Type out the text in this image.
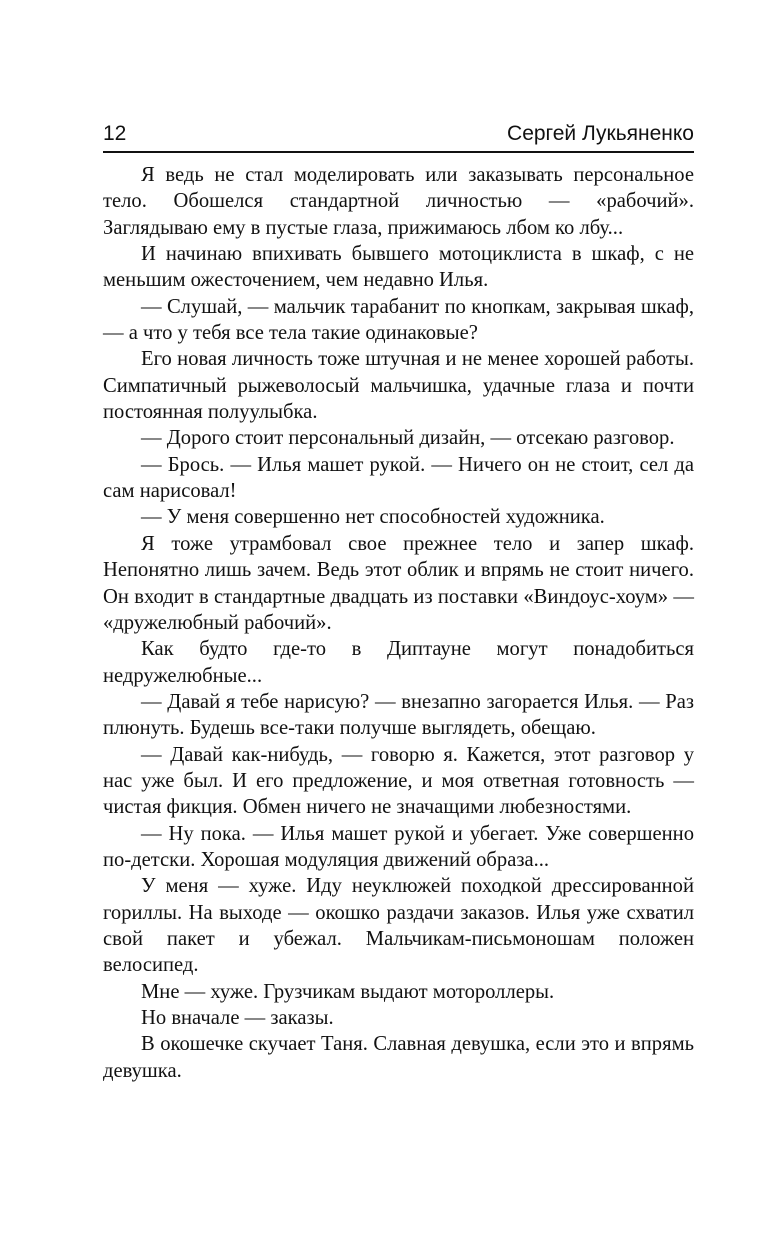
12	Сергей Лукьяненко

Я ведь не стал моделировать или заказывать персональное тело. Обошелся стандартной личностью — «рабочий». Заглядываю ему в пустые глаза, прижимаюсь лбом ко лбу...

И начинаю впихивать бывшего мотоциклиста в шкаф, с не меньшим ожесточением, чем недавно Илья.

— Слушай, — мальчик тарабанит по кнопкам, закрывая шкаф, — а что у тебя все тела такие одинаковые?

Его новая личность тоже штучная и не менее хорошей работы. Симпатичный рыжеволосый мальчишка, удачные глаза и почти постоянная полуулыбка.

— Дорого стоит персональный дизайн, — отсекаю разговор.

— Брось. — Илья машет рукой. — Ничего он не стоит, сел да сам нарисовал!

— У меня совершенно нет способностей художника.

Я тоже утрамбовал свое прежнее тело и запер шкаф. Непонятно лишь зачем. Ведь этот облик и впрямь не стоит ничего. Он входит в стандартные двадцать из поставки «Виндоус-хоум» — «дружелюбный рабочий».

Как будто где-то в Диптауне могут понадобиться недружелюбные...

— Давай я тебе нарисую? — внезапно загорается Илья. — Раз плюнуть. Будешь все-таки получше выглядеть, обещаю.

— Давай как-нибудь, — говорю я. Кажется, этот разговор у нас уже был. И его предложение, и моя ответная готовность — чистая фикция. Обмен ничего не значащими любезностями.

— Ну пока. — Илья машет рукой и убегает. Уже совершенно по-детски. Хорошая модуляция движений образа...

У меня — хуже. Иду неуклюжей походкой дрессированной гориллы. На выходе — окошко раздачи заказов. Илья уже схватил свой пакет и убежал. Мальчикам-письмоношам положен велосипед.

Мне — хуже. Грузчикам выдают мотороллеры.

Но вначале — заказы.

В окошечке скучает Таня. Славная девушка, если это и впрямь девушка.
